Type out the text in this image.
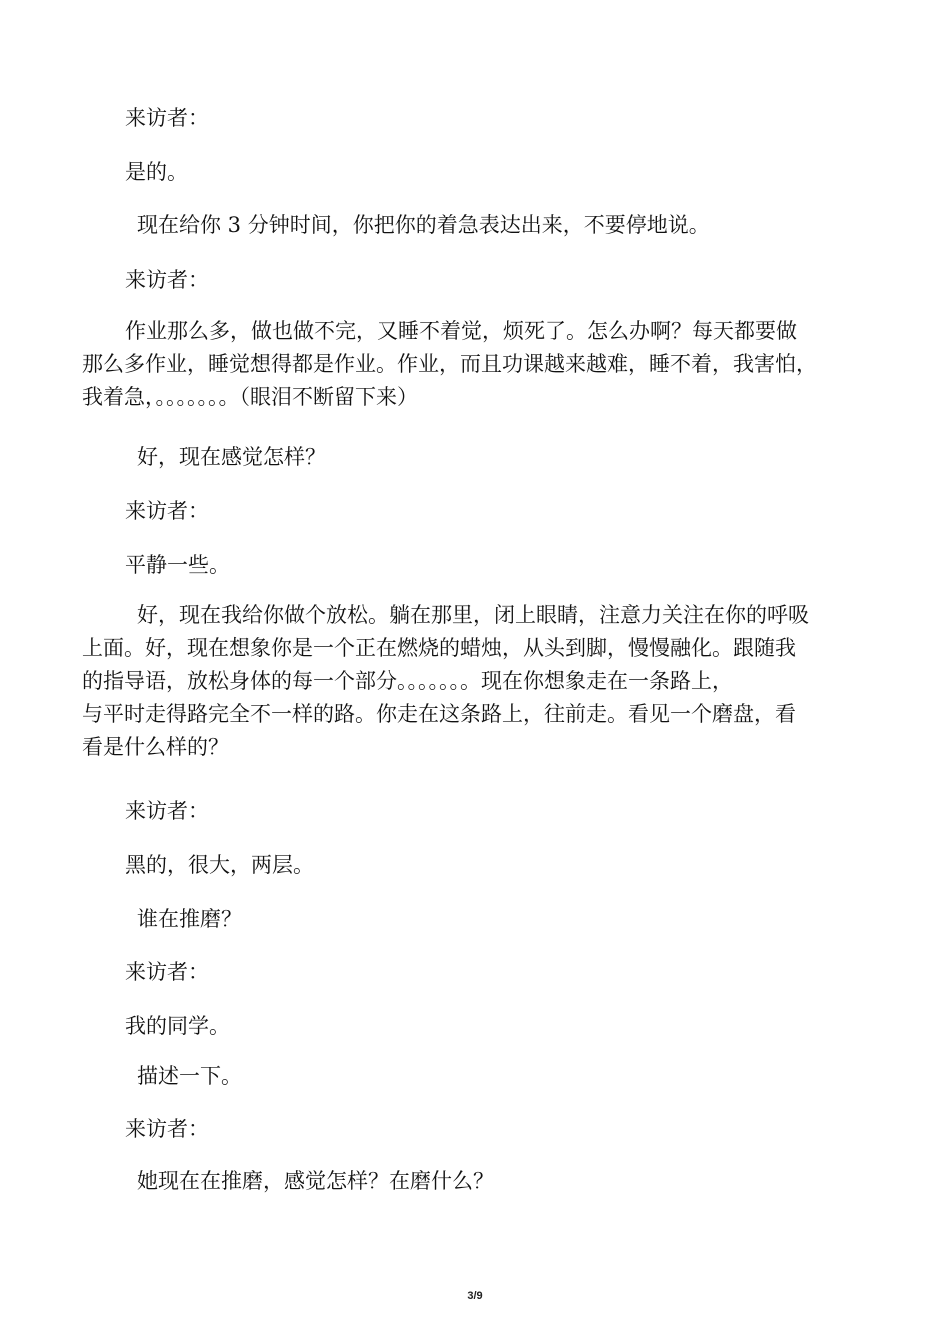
来访者：
是的。
现在给你 3 分钟时间，你把你的着急表达出来，不要停地说。
来访者：
作业那么多，做也做不完，又睡不着觉，烦死了。怎么办啊？每天都要做
那么多作业，睡觉想得都是作业。作业，而且功课越来越难，睡不着，我害怕，
我着急，。。。。。。。（眼泪不断留下来）
好，现在感觉怎样？
来访者：
平静一些。
好，现在我给你做个放松。躺在那里，闭上眼睛，注意力关注在你的呼吸
上面。好，现在想象你是一个正在燃烧的蜡烛，从头到脚，慢慢融化。跟随我
的指导语，放松身体的每一个部分。。。。。。。现在你想象走在一条路上，
与平时走得路完全不一样的路。你走在这条路上，往前走。看见一个磨盘，看
看是什么样的？
来访者：
黑的，很大，两层。
谁在推磨？
来访者：
我的同学。
描述一下。
来访者：
她现在在推磨，感觉怎样？在磨什么？
3/9
